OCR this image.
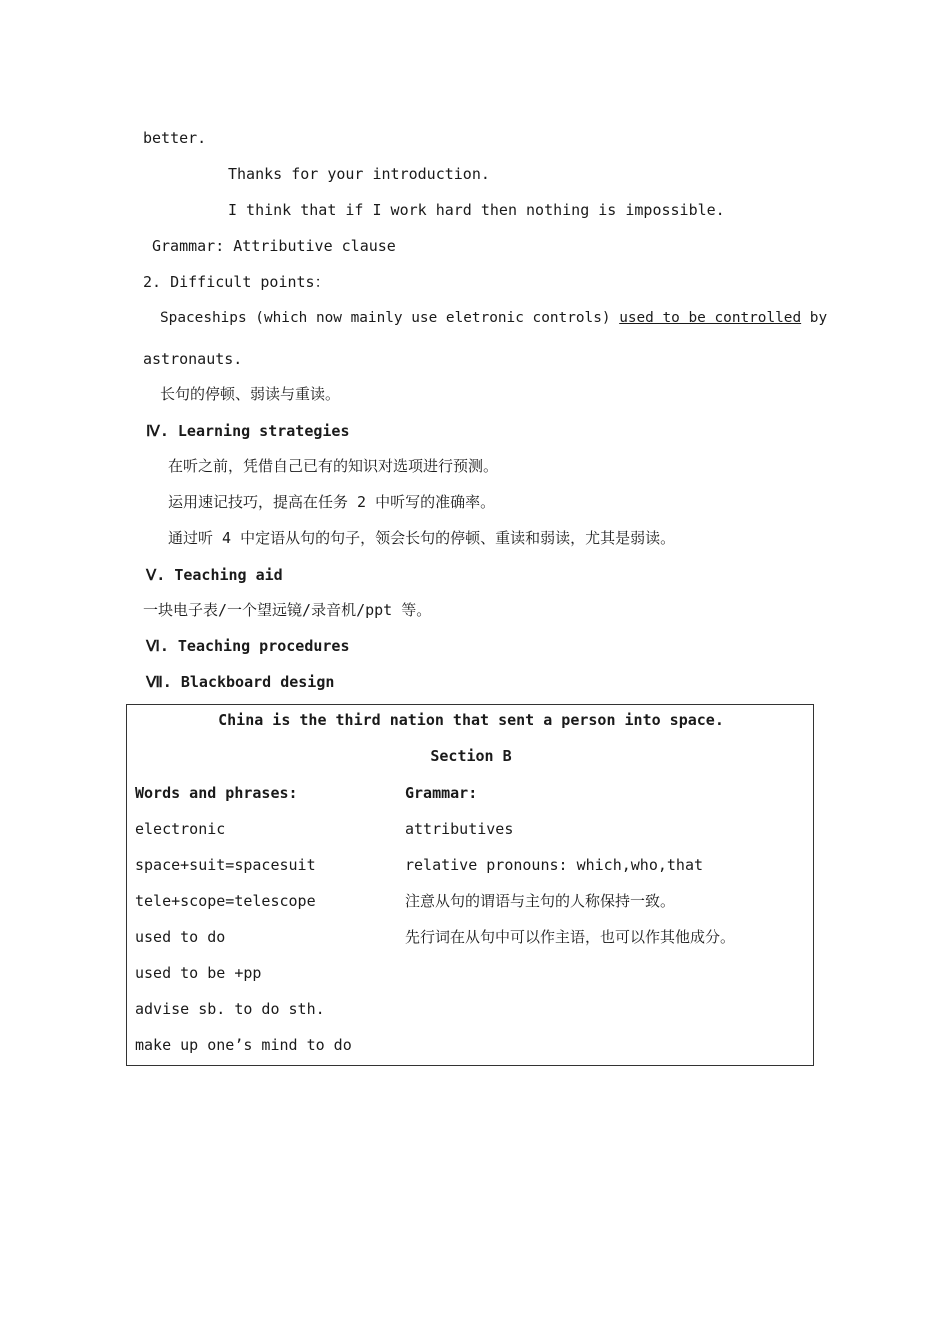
better.
Thanks for your introduction.
I think that if I work hard then nothing is impossible.
Grammar: Attributive clause
2. Difficult points：
Spaceships (which now mainly use eletronic controls) used to be controlled by
astronauts.
长句的停顿、弱读与重读。
Ⅳ. Learning strategies
在听之前，凭借自己已有的知识对选项进行预测。
运用速记技巧，提高在任务 2 中听写的准确率。
通过听 4 中定语从句的句子，领会长句的停顿、重读和弱读，尤其是弱读。
Ⅴ. Teaching aid
一块电子表/一个望远镜/录音机/ppt 等。
Ⅵ. Teaching procedures
Ⅶ. Blackboard design
China is the third nation that sent a person into space.
Section B
Words and phrases:
electronic
space+suit=spacesuit
tele+scope=telescope
used to do
used to be +pp
advise sb. to do sth.
make up one’s mind to do
Grammar:
attributives
relative pronouns: which,who,that
注意从句的谓语与主句的人称保持一致。
先行词在从句中可以作主语，也可以作其他成分。
